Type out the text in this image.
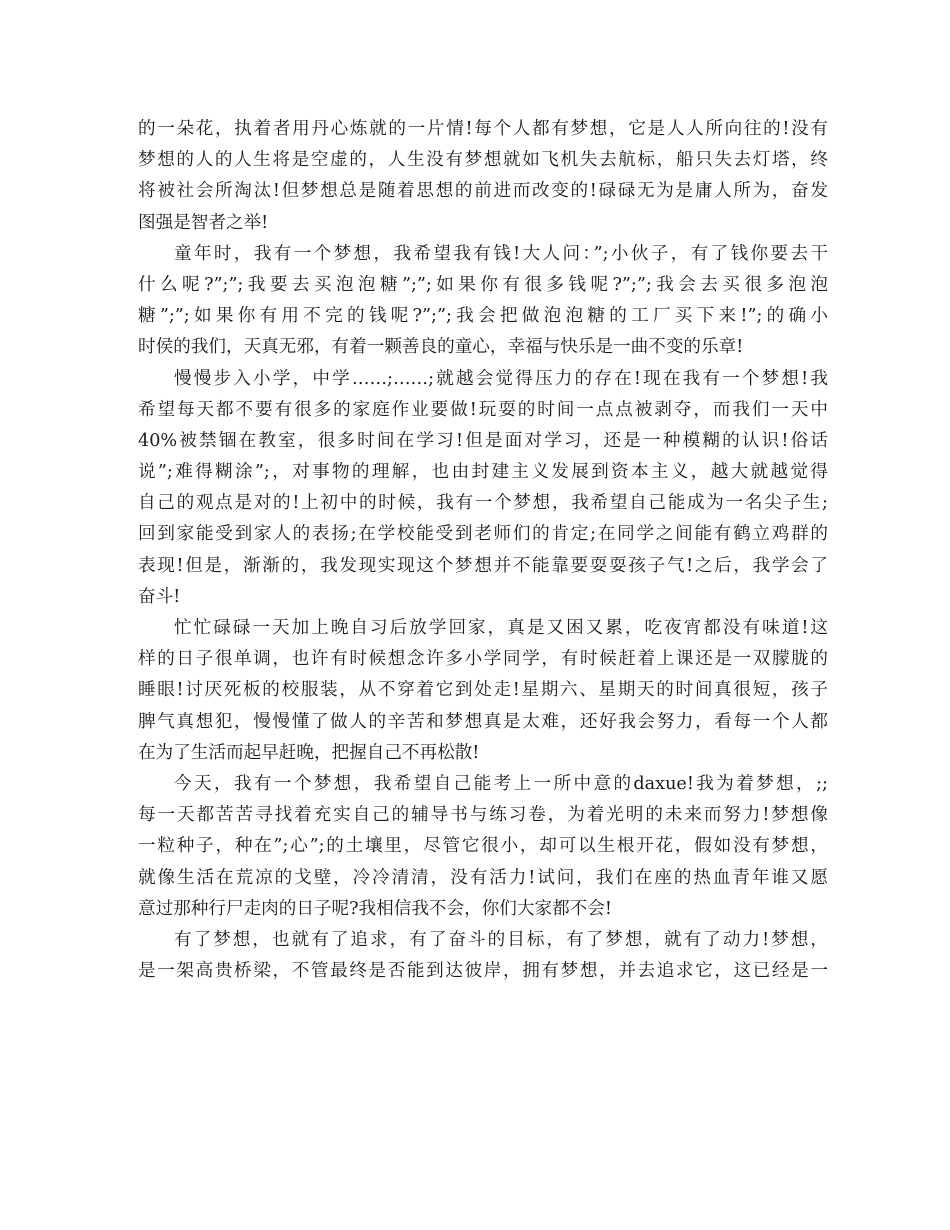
的一朵花，执着者用丹心炼就的一片情!每个人都有梦想，它是人人所向往的!没有
梦想的人的人生将是空虚的，人生没有梦想就如飞机失去航标，船只失去灯塔，终
将被社会所淘汰!但梦想总是随着思想的前进而改变的!碌碌无为是庸人所为，奋发
图强是智者之举!
童年时，我有一个梦想，我希望我有钱!大人问：”;小伙子，有了钱你要去干
什么呢?”;”;我要去买泡泡糖”;”;如果你有很多钱呢?”;”;我会去买很多泡泡
糖”;”;如果你有用不完的钱呢?”;”;我会把做泡泡糖的工厂买下来!”;的确小
时侯的我们，天真无邪，有着一颗善良的童心，幸福与快乐是一曲不变的乐章!
慢慢步入小学，中学……;……;就越会觉得压力的存在!现在我有一个梦想!我
希望每天都不要有很多的家庭作业要做!玩耍的时间一点点被剥夺，而我们一天中
40%被禁锢在教室，很多时间在学习!但是面对学习，还是一种模糊的认识!俗话
说”;难得糊涂”;，对事物的理解，也由封建主义发展到资本主义，越大就越觉得
自己的观点是对的!上初中的时候，我有一个梦想，我希望自己能成为一名尖子生;
回到家能受到家人的表扬;在学校能受到老师们的肯定;在同学之间能有鹤立鸡群的
表现!但是，渐渐的，我发现实现这个梦想并不能靠要耍耍孩子气!之后，我学会了
奋斗!
忙忙碌碌一天加上晚自习后放学回家，真是又困又累，吃夜宵都没有味道!这
样的日子很单调，也许有时候想念许多小学同学，有时候赶着上课还是一双朦胧的
睡眼!讨厌死板的校服装，从不穿着它到处走!星期六、星期天的时间真很短，孩子
脾气真想犯，慢慢懂了做人的辛苦和梦想真是太难，还好我会努力，看每一个人都
在为了生活而起早赶晚，把握自己不再松散!
今天，我有一个梦想，我希望自己能考上一所中意的daxue!我为着梦想，;;
每一天都苦苦寻找着充实自己的辅导书与练习卷，为着光明的未来而努力!梦想像
一粒种子，种在”;心”;的土壤里，尽管它很小，却可以生根开花，假如没有梦想，
就像生活在荒凉的戈壁，冷冷清清，没有活力!试问，我们在座的热血青年谁又愿
意过那种行尸走肉的日子呢?我相信我不会，你们大家都不会!
有了梦想，也就有了追求，有了奋斗的目标，有了梦想，就有了动力!梦想，
是一架高贵桥梁，不管最终是否能到达彼岸，拥有梦想，并去追求它，这已经是一
